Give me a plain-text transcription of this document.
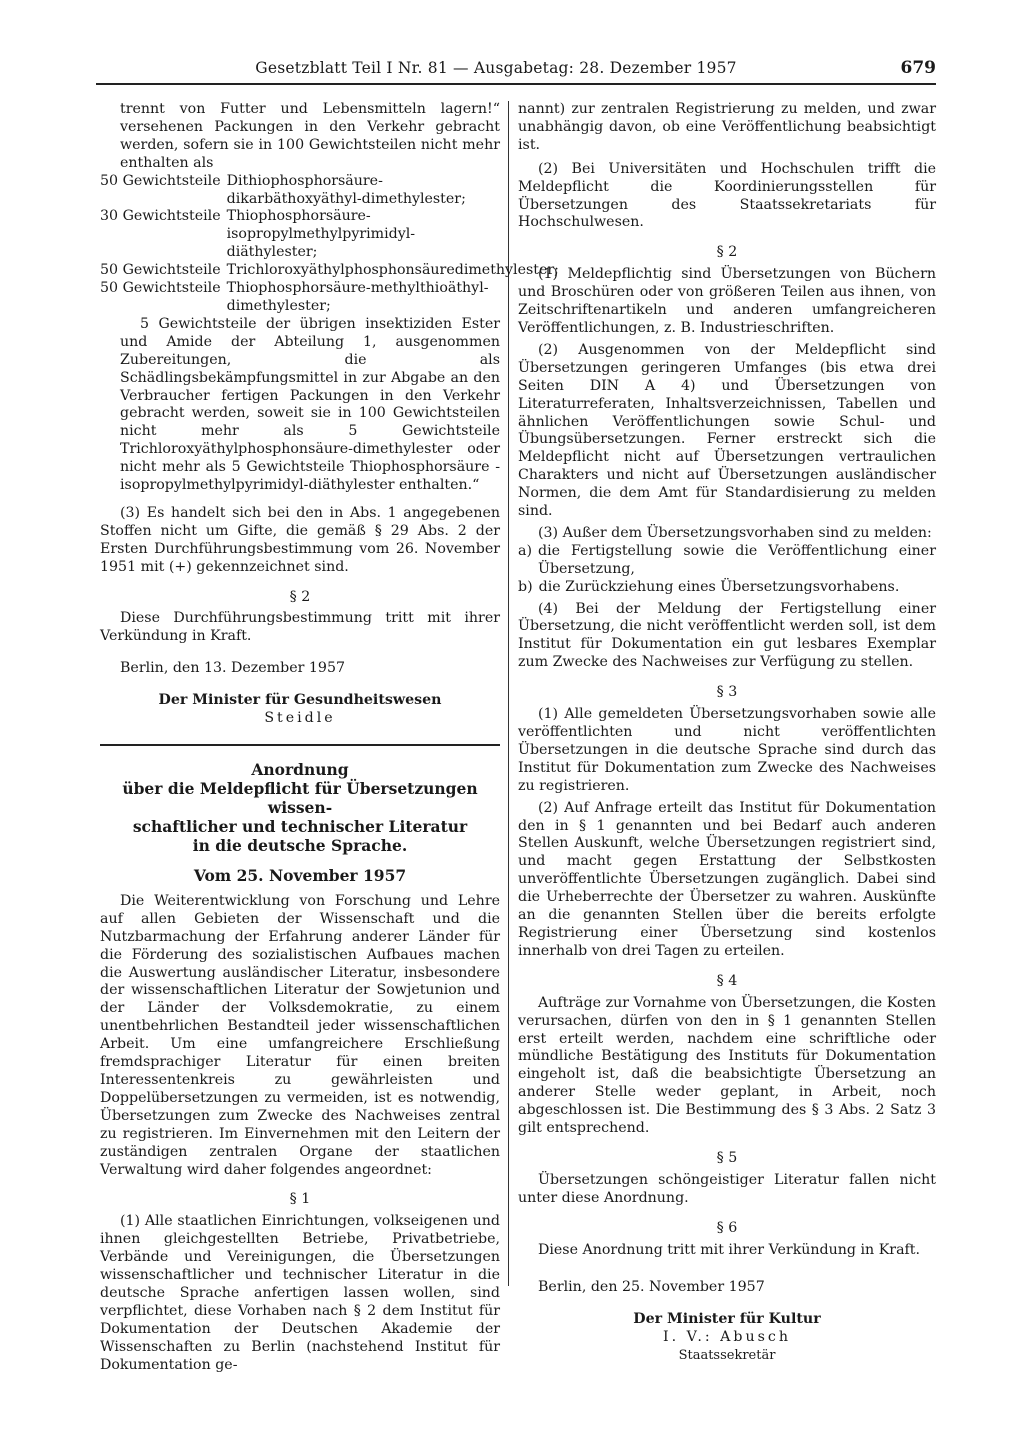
Gesetzblatt Teil I Nr. 81 — Ausgabetag: 28. Dezember 1957	679

trennt von Futter und Lebensmitteln lagern!“ versehenen Packungen in den Verkehr gebracht werden, sofern sie in 100 Gewichtsteilen nicht mehr enthalten als

50 Gewichtsteile Dithiophosphorsäure-dikarbäthoxyäthyl-dimethylester;
30 Gewichtsteile Thiophosphorsäure-isopropylmethylpyrimidyl-diäthylester;
50 Gewichtsteile Trichloroxyäthylphosphonsäuredimethylester;
50 Gewichtsteile Thiophosphorsäure-methylthioäthyl-dimethylester;

5 Gewichtsteile der übrigen insektiziden Ester und Amide der Abteilung 1, ausgenommen Zubereitungen, die als Schädlingsbekämpfungsmittel in zur Abgabe an den Verbraucher fertigen Packungen in den Verkehr gebracht werden, soweit sie in 100 Gewichtsteilen nicht mehr als 5 Gewichtsteile Trichloroxyäthylphosphonsäure-dimethylester oder nicht mehr als 5 Gewichtsteile Thiophosphorsäure - isopropylmethylpyrimidyl-diäthylester enthalten.“

(3) Es handelt sich bei den in Abs. 1 angegebenen Stoffen nicht um Gifte, die gemäß § 29 Abs. 2 der Ersten Durchführungsbestimmung vom 26. November 1951 mit (+) gekennzeichnet sind.

§ 2

Diese Durchführungsbestimmung tritt mit ihrer Verkündung in Kraft.

Berlin, den 13. Dezember 1957

Der Minister für Gesundheitswesen

Steidle

Anordnung
über die Meldepflicht für Übersetzungen wissen-
schaftlicher und technischer Literatur
in die deutsche Sprache.
Vom 25. November 1957

Die Weiterentwicklung von Forschung und Lehre auf allen Gebieten der Wissenschaft und die Nutzbarmachung der Erfahrung anderer Länder für die Förderung des sozialistischen Aufbaues machen die Auswertung ausländischer Literatur, insbesondere der wissenschaftlichen Literatur der Sowjetunion und der Länder der Volksdemokratie, zu einem unentbehrlichen Bestandteil jeder wissenschaftlichen Arbeit. Um eine umfangreichere Erschließung fremdsprachiger Literatur für einen breiten Interessentenkreis zu gewährleisten und Doppelübersetzungen zu vermeiden, ist es notwendig, Übersetzungen zum Zwecke des Nachweises zentral zu registrieren. Im Einvernehmen mit den Leitern der zuständigen zentralen Organe der staatlichen Verwaltung wird daher folgendes angeordnet:

§ 1

(1) Alle staatlichen Einrichtungen, volkseigenen und ihnen gleichgestellten Betriebe, Privatbetriebe, Verbände und Vereinigungen, die Übersetzungen wissenschaftlicher und technischer Literatur in die deutsche Sprache anfertigen lassen wollen, sind verpflichtet, diese Vorhaben nach § 2 dem Institut für Dokumentation der Deutschen Akademie der Wissenschaften zu Berlin (nachstehend Institut für Dokumentation ge-

nannt) zur zentralen Registrierung zu melden, und zwar unabhängig davon, ob eine Veröffentlichung beabsichtigt ist.

(2) Bei Universitäten und Hochschulen trifft die Meldepflicht die Koordinierungsstellen für Übersetzungen des Staatssekretariats für Hochschulwesen.

§ 2

(1) Meldepflichtig sind Übersetzungen von Büchern und Broschüren oder von größeren Teilen aus ihnen, von Zeitschriftenartikeln und anderen umfangreicheren Veröffentlichungen, z. B. Industrieschriften.

(2) Ausgenommen von der Meldepflicht sind Übersetzungen geringeren Umfanges (bis etwa drei Seiten DIN A 4) und Übersetzungen von Literaturreferaten, Inhaltsverzeichnissen, Tabellen und ähnlichen Veröffentlichungen sowie Schul- und Übungsübersetzungen. Ferner erstreckt sich die Meldepflicht nicht auf Übersetzungen vertraulichen Charakters und nicht auf Übersetzungen ausländischer Normen, die dem Amt für Standardisierung zu melden sind.

(3) Außer dem Übersetzungsvorhaben sind zu melden:

a) die Fertigstellung sowie die Veröffentlichung einer Übersetzung,
b) die Zurückziehung eines Übersetzungsvorhabens.

(4) Bei der Meldung der Fertigstellung einer Übersetzung, die nicht veröffentlicht werden soll, ist dem Institut für Dokumentation ein gut lesbares Exemplar zum Zwecke des Nachweises zur Verfügung zu stellen.

§ 3

(1) Alle gemeldeten Übersetzungsvorhaben sowie alle veröffentlichten und nicht veröffentlichten Übersetzungen in die deutsche Sprache sind durch das Institut für Dokumentation zum Zwecke des Nachweises zu registrieren.

(2) Auf Anfrage erteilt das Institut für Dokumentation den in § 1 genannten und bei Bedarf auch anderen Stellen Auskunft, welche Übersetzungen registriert sind, und macht gegen Erstattung der Selbstkosten unveröffentlichte Übersetzungen zugänglich. Dabei sind die Urheberrechte der Übersetzer zu wahren. Auskünfte an die genannten Stellen über die bereits erfolgte Registrierung einer Übersetzung sind kostenlos innerhalb von drei Tagen zu erteilen.

§ 4

Aufträge zur Vornahme von Übersetzungen, die Kosten verursachen, dürfen von den in § 1 genannten Stellen erst erteilt werden, nachdem eine schriftliche oder mündliche Bestätigung des Instituts für Dokumentation eingeholt ist, daß die beabsichtigte Übersetzung an anderer Stelle weder geplant, in Arbeit, noch abgeschlossen ist. Die Bestimmung des § 3 Abs. 2 Satz 3 gilt entsprechend.

§ 5

Übersetzungen schöngeistiger Literatur fallen nicht unter diese Anordnung.

§ 6

Diese Anordnung tritt mit ihrer Verkündung in Kraft.

Berlin, den 25. November 1957

Der Minister für Kultur

I. V.: Abusch

Staatssekretär
